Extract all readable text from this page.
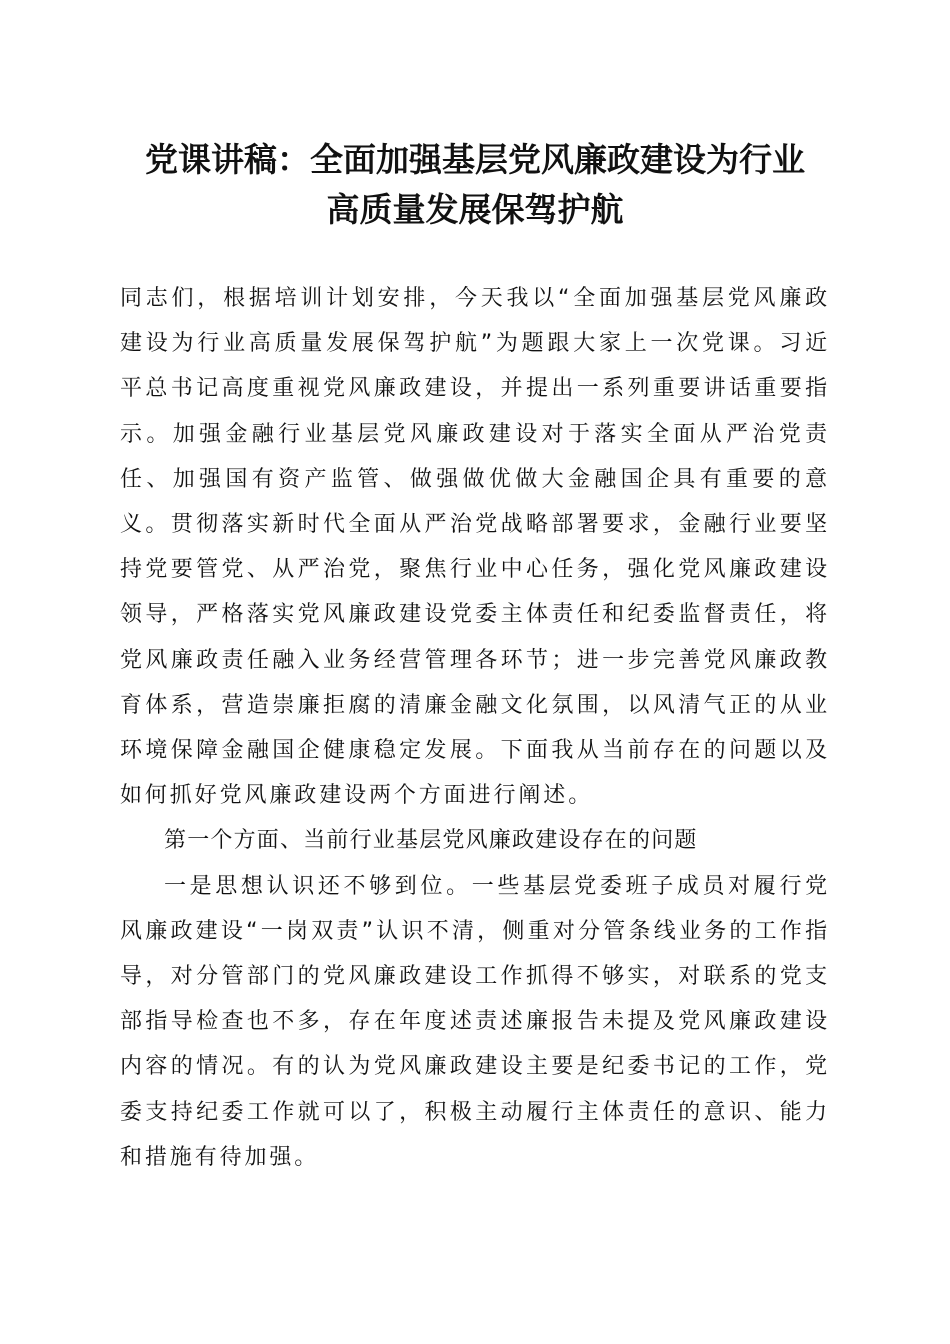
党课讲稿：全面加强基层党风廉政建设为行业
高质量发展保驾护航

同志们，根据培训计划安排，今天我以“全面加强基层党风廉政建设为行业高质量发展保驾护航”为题跟大家上一次党课。习近平总书记高度重视党风廉政建设，并提出一系列重要讲话重要指示。加强金融行业基层党风廉政建设对于落实全面从严治党责任、加强国有资产监管、做强做优做大金融国企具有重要的意义。贯彻落实新时代全面从严治党战略部署要求，金融行业要坚持党要管党、从严治党，聚焦行业中心任务，强化党风廉政建设领导，严格落实党风廉政建设党委主体责任和纪委监督责任，将党风廉政责任融入业务经营管理各环节；进一步完善党风廉政教育体系，营造崇廉拒腐的清廉金融文化氛围，以风清气正的从业环境保障金融国企健康稳定发展。下面我从当前存在的问题以及如何抓好党风廉政建设两个方面进行阐述。

第一个方面、当前行业基层党风廉政建设存在的问题

一是思想认识还不够到位。一些基层党委班子成员对履行党风廉政建设“一岗双责”认识不清，侧重对分管条线业务的工作指导，对分管部门的党风廉政建设工作抓得不够实，对联系的党支部指导检查也不多，存在年度述责述廉报告未提及党风廉政建设内容的情况。有的认为党风廉政建设主要是纪委书记的工作，党委支持纪委工作就可以了，积极主动履行主体责任的意识、能力和措施有待加强。
